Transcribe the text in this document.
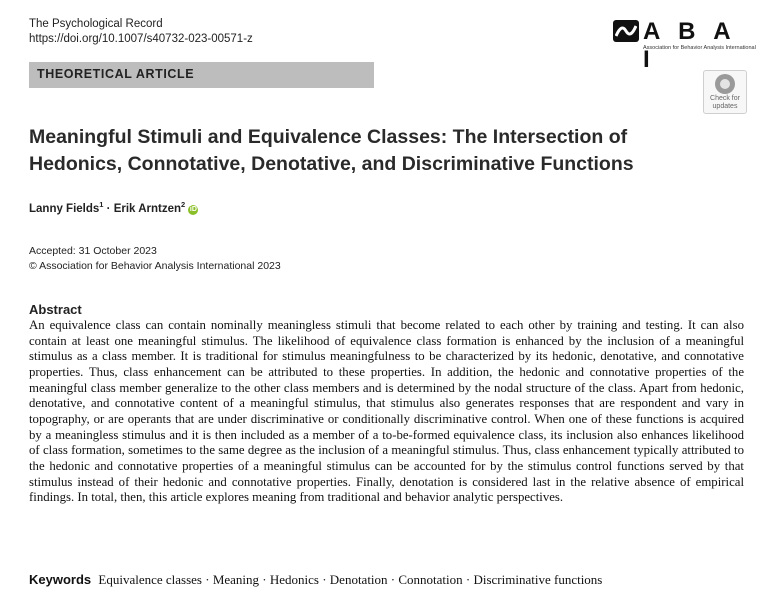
The Psychological Record
https://doi.org/10.1007/s40732-023-00571-z	A B A I
Association for Behavior Analysis International
THEORETICAL ARTICLE
Check for updates
Meaningful Stimuli and Equivalence Classes: The Intersection of Hedonics, Connotative, Denotative, and Discriminative Functions
Lanny Fields$^1$ · Erik Arntzen$^2$ iD
Accepted: 31 October 2023
© Association for Behavior Analysis International 2023
Abstract

An equivalence class can contain nominally meaningless stimuli that become related to each other by training and testing. It can also contain at least one meaningful stimulus. The likelihood of equivalence class formation is enhanced by the inclusion of a meaningful stimulus as a class member. It is traditional for stimulus meaningfulness to be characterized by its hedonic, denotative, and connotative properties. Thus, class enhancement can be attributed to these properties. In addition, the hedonic and connotative properties of the meaningful class member generalize to the other class members and is determined by the nodal structure of the class. Apart from hedonic, denotative, and connotative content of a meaningful stimulus, that stimulus also generates responses that are respondent and vary in topography, or are operants that are under discriminative or conditionally discriminative control. When one of these functions is acquired by a meaningless stimulus and it is then included as a member of a to-be-formed equivalence class, its inclusion also enhances likelihood of class formation, sometimes to the same degree as the inclusion of a meaningful stimulus. Thus, class enhancement typically attributed to the hedonic and connotative properties of a meaningful stimulus can be accounted for by the stimulus control functions served by that stimulus instead of their hedonic and connotative properties. Finally, denotation is considered last in the relative absence of empirical findings. In total, then, this article explores meaning from traditional and behavior analytic perspectives.

Keywords Equivalence classes · Meaning · Hedonics · Denotation · Connotation · Discriminative functions
